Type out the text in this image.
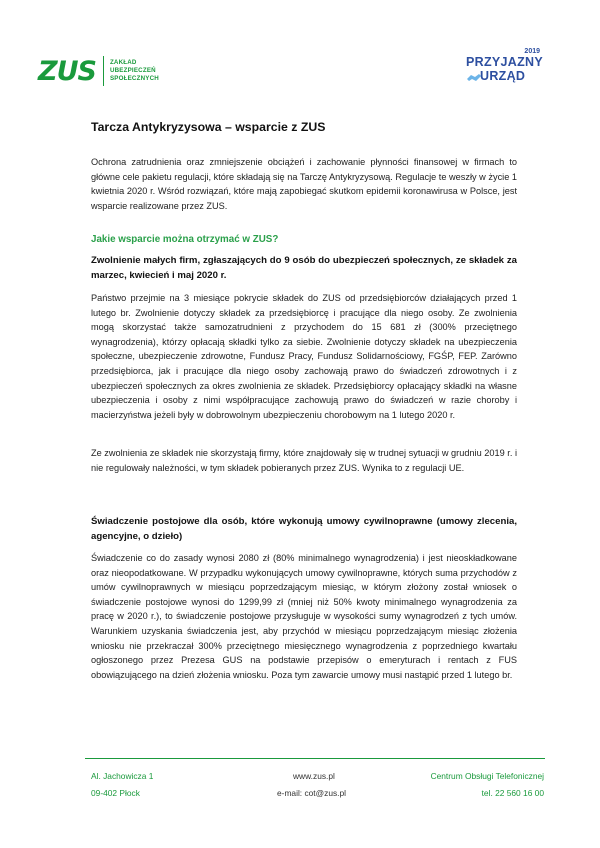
ZUS ZAKŁAD
UBEZPIECZEŃ
SPOŁECZNYCH
2019
PRZYJAZNY
URZĄD
Tarcza Antykryzysowa – wsparcie z ZUS

Ochrona zatrudnienia oraz zmniejszenie obciążeń i zachowanie płynności finansowej w firmach to główne cele pakietu regulacji, które składają się na Tarczę Antykryzysową. Regulacje te weszły w życie 1 kwietnia 2020 r. Wśród rozwiązań, które mają zapobiegać skutkom epidemii koronawirusa w Polsce, jest wsparcie realizowane przez ZUS.

Jakie wsparcie można otrzymać w ZUS?

Zwolnienie małych firm, zgłaszających do 9 osób do ubezpieczeń społecznych, ze składek za marzec, kwiecień i maj 2020 r.

Państwo przejmie na 3 miesiące pokrycie składek do ZUS od przedsiębiorców działających przed 1 lutego br. Zwolnienie dotyczy składek za przedsiębiorcę i pracujące dla niego osoby. Ze zwolnienia mogą skorzystać także samozatrudnieni z przychodem do 15 681 zł (300% przeciętnego wynagrodzenia), którzy opłacają składki tylko za siebie. Zwolnienie dotyczy składek na ubezpieczenia społeczne, ubezpieczenie zdrowotne, Fundusz Pracy, Fundusz Solidarnościowy, FGŚP, FEP. Zarówno przedsiębiorca, jak i pracujące dla niego osoby zachowają prawo do świadczeń zdrowotnych i z ubezpieczeń społecznych za okres zwolnienia ze składek. Przedsiębiorcy opłacający składki na własne ubezpieczenia i osoby z nimi współpracujące zachowują prawo do świadczeń w razie choroby i macierzyństwa jeżeli były w dobrowolnym ubezpieczeniu chorobowym na 1 lutego 2020 r.

Ze zwolnienia ze składek nie skorzystają firmy, które znajdowały się w trudnej sytuacji w grudniu 2019 r. i nie regulowały należności, w tym składek pobieranych przez ZUS. Wynika to z regulacji UE.

Świadczenie postojowe dla osób, które wykonują umowy cywilnoprawne (umowy zlecenia, agencyjne, o dzieło)

Świadczenie co do zasady wynosi 2080 zł (80% minimalnego wynagrodzenia) i jest nieoskładkowane oraz nieopodatkowane. W przypadku wykonujących umowy cywilnoprawne, których suma przychodów z umów cywilnoprawnych w miesiącu poprzedzającym miesiąc, w którym złożony został wniosek o świadczenie postojowe wynosi do 1299,99 zł (mniej niż 50% kwoty minimalnego wynagrodzenia za pracę w 2020 r.), to świadczenie postojowe przysługuje w wysokości sumy wynagrodzeń z tych umów. Warunkiem uzyskania świadczenia jest, aby przychód w miesiącu poprzedzającym miesiąc złożenia wniosku nie przekraczał 300% przeciętnego miesięcznego wynagrodzenia z poprzedniego kwartału ogłoszonego przez Prezesa GUS na podstawie przepisów o emeryturach i rentach z FUS obowiązującego na dzień złożenia wniosku. Poza tym zawarcie umowy musi nastąpić przed 1 lutego br.

Al. Jachowicza 1
09-402 Płock
www.zus.pl
e-mail: cot@zus.pl
Centrum Obsługi Telefonicznej
tel. 22 560 16 00
